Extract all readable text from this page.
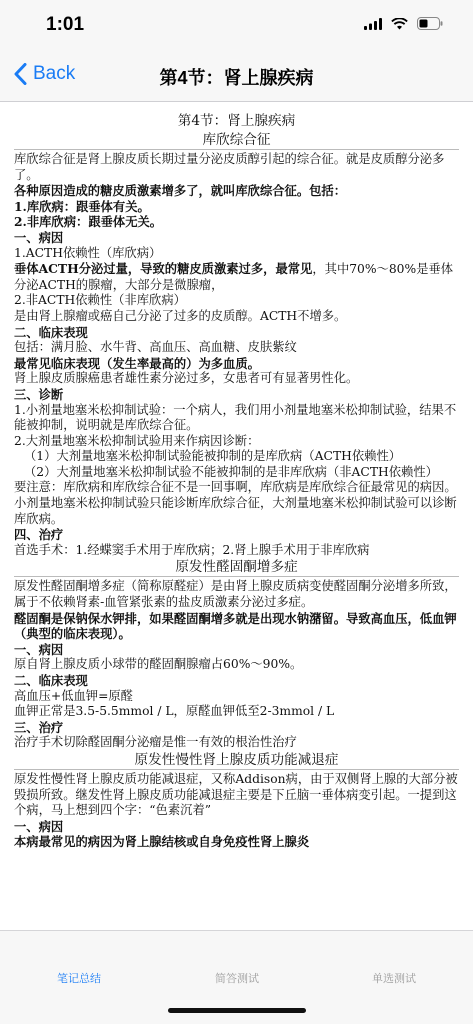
1:01
Back	第4节：肾上腺疾病

第4节：肾上腺疾病

库欣综合征

库欣综合征是肾上腺皮质长期过量分泌皮质醇引起的综合征。就是皮质醇分泌多了。

各种原因造成的糖皮质激素增多了，就叫库欣综合征。包括：

1.库欣病：跟垂体有关。

2.非库欣病：跟垂体无关。

一、病因

1.ACTH依赖性（库欣病）

垂体ACTH分泌过量，导致的糖皮质激素过多，最常见，其中70%～80%是垂体分泌ACTH的腺瘤，大部分是微腺瘤，

2.非ACTH依赖性（非库欣病）

是由肾上腺瘤或癌自己分泌了过多的皮质醇。ACTH不增多。

二、临床表现

包括：满月脸、水牛背、高血压、高血糖、皮肤紫纹

最常见临床表现（发生率最高的）为多血质。

肾上腺皮质腺癌患者雄性素分泌过多，女患者可有显著男性化。

三、诊断

1.小剂量地塞米松抑制试验：一个病人，我们用小剂量地塞米松抑制试验，结果不能被抑制，说明就是库欣综合征。

2.大剂量地塞米松抑制试验用来作病因诊断：

（1）大剂量地塞米松抑制试验能被抑制的是库欣病（ACTH依赖性）

（2）大剂量地塞米松抑制试验不能被抑制的是非库欣病（非ACTH依赖性）

要注意：库欣病和库欣综合征不是一回事啊，库欣病是库欣综合征最常见的病因。

小剂量地塞米松抑制试验只能诊断库欣综合征，大剂量地塞米松抑制试验可以诊断库欣病。

四、治疗

首选手术：1.经蝶窦手术用于库欣病；2.肾上腺手术用于非库欣病

原发性醛固酮增多症

原发性醛固酮增多症（简称原醛症）是由肾上腺皮质病变使醛固酮分泌增多所致，属于不依赖肾素-血管紧张素的盐皮质激素分泌过多症。

醛固酮是保钠保水钾排，如果醛固酮增多就是出现水钠潴留。导致高血压，低血钾（典型的临床表现）。

一、病因

原自肾上腺皮质小球带的醛固酮腺瘤占60%～90%。

二、临床表现

高血压+低血钾=原醛

血钾正常是3.5-5.5mmol / L，原醛血钾低至2-3mmol / L

三、治疗

治疗手术切除醛固酮分泌瘤是惟一有效的根治性治疗

原发性慢性肾上腺皮质功能减退症

原发性慢性肾上腺皮质功能减退症，又称Addison病，由于双侧肾上腺的大部分被毁损所致。继发性肾上腺皮质功能减退症主要是下丘脑一垂体病变引起。一提到这个病，马上想到四个字：“色素沉着”

一、病因

本病最常见的病因为肾上腺结核或自身免疫性肾上腺炎

笔记总结	简答测试	单选测试
